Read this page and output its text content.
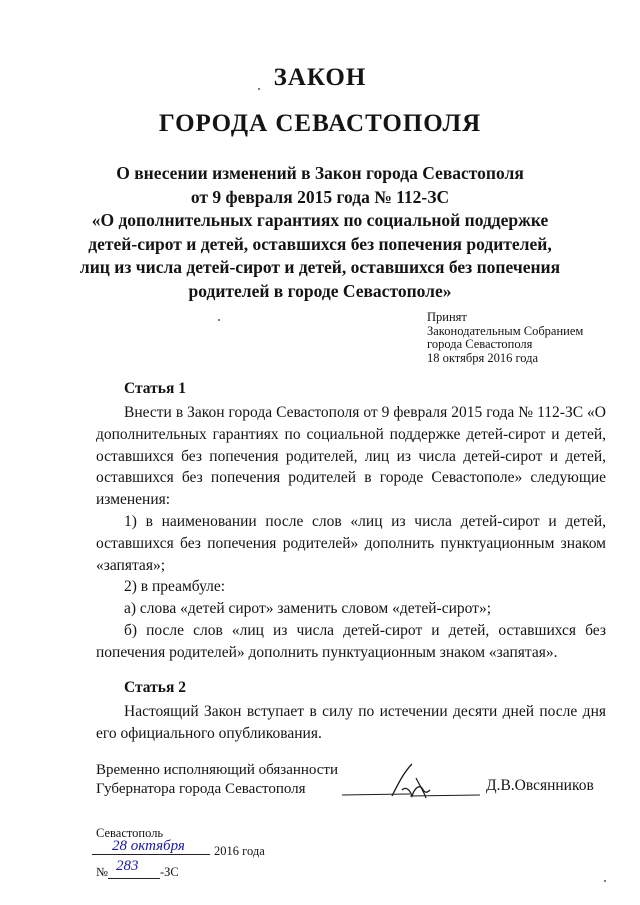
ЗАКОН
ГОРОДА СЕВАСТОПОЛЯ
О внесении изменений в Закон города Севастополя
от 9 февраля 2015 года № 112-ЗС
«О дополнительных гарантиях по социальной поддержке
детей-сирот и детей, оставшихся без попечения родителей,
лиц из числа детей-сирот и детей, оставшихся без попечения
родителей в городе Севастополе»
Принят
Законодательным Собранием
города Севастополя
18 октября 2016 года
Статья 1

Внести в Закон города Севастополя от 9 февраля 2015 года № 112-ЗС «О дополнительных гарантиях по социальной поддержке детей-сирот и детей, оставшихся без попечения родителей, лиц из числа детей-сирот и детей, оставшихся без попечения родителей в городе Севастополе» следующие изменения:

1) в наименовании после слов «лиц из числа детей-сирот и детей, оставшихся без попечения родителей» дополнить пунктуационным знаком «запятая»;

2) в преамбуле:

а) слова «детей сирот» заменить словом «детей-сирот»;

б) после слов «лиц из числа детей-сирот и детей, оставшихся без попечения родителей» дополнить пунктуационным знаком «запятая».

Статья 2

Настоящий Закон вступает в силу по истечении десяти дней после дня его официального опубликования.

Временно исполняющий обязанности
Губернатора города Севастополя	Д.В.Овсянников
Севастополь
28 октября 2016 года
№ 283 -ЗС
